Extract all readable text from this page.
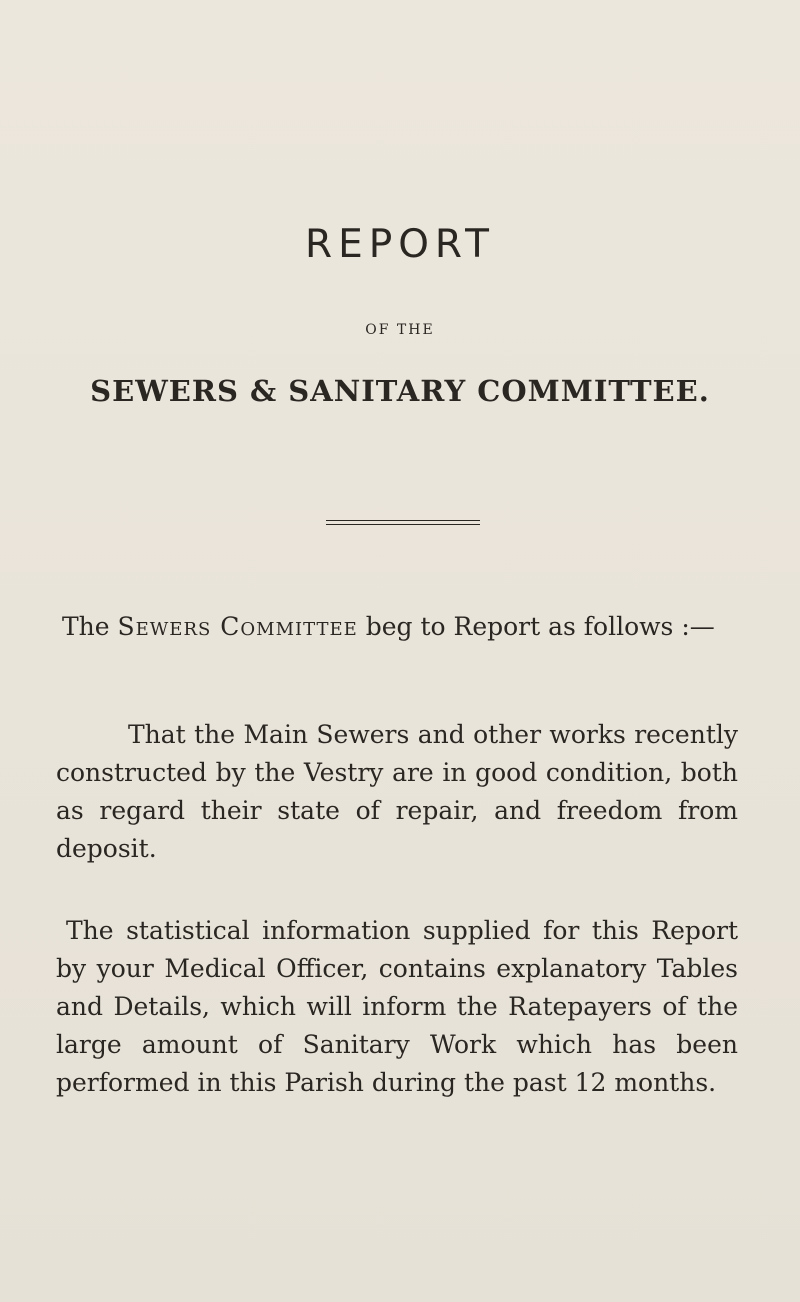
REPORT

OF THE

SEWERS & SANITARY COMMITTEE.

The Sewers Committee beg to Report as follows :—

That the Main Sewers and other works recently constructed by the Vestry are in good condition, both as regard their state of repair, and freedom from deposit.

The statistical information supplied for this Report by your Medical Officer, contains explanatory Tables and Details, which will inform the Ratepayers of the large amount of Sanitary Work which has been performed in this Parish during the past 12 months.
